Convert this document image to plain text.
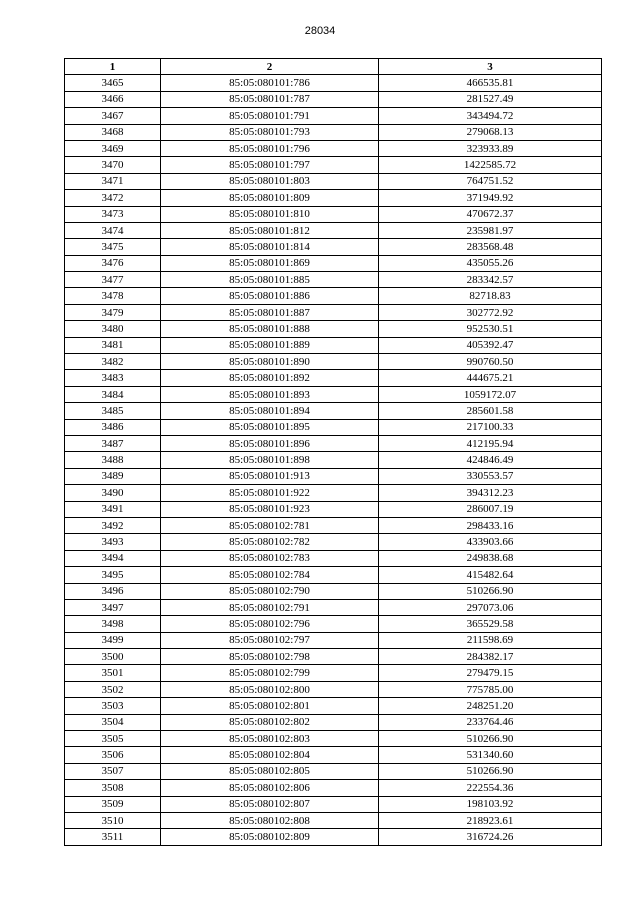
28034
1	2	3
3465	85:05:080101:786	466535.81
3466	85:05:080101:787	281527.49
3467	85:05:080101:791	343494.72
3468	85:05:080101:793	279068.13
3469	85:05:080101:796	323933.89
3470	85:05:080101:797	1422585.72
3471	85:05:080101:803	764751.52
3472	85:05:080101:809	371949.92
3473	85:05:080101:810	470672.37
3474	85:05:080101:812	235981.97
3475	85:05:080101:814	283568.48
3476	85:05:080101:869	435055.26
3477	85:05:080101:885	283342.57
3478	85:05:080101:886	82718.83
3479	85:05:080101:887	302772.92
3480	85:05:080101:888	952530.51
3481	85:05:080101:889	405392.47
3482	85:05:080101:890	990760.50
3483	85:05:080101:892	444675.21
3484	85:05:080101:893	1059172.07
3485	85:05:080101:894	285601.58
3486	85:05:080101:895	217100.33
3487	85:05:080101:896	412195.94
3488	85:05:080101:898	424846.49
3489	85:05:080101:913	330553.57
3490	85:05:080101:922	394312.23
3491	85:05:080101:923	286007.19
3492	85:05:080102:781	298433.16
3493	85:05:080102:782	433903.66
3494	85:05:080102:783	249838.68
3495	85:05:080102:784	415482.64
3496	85:05:080102:790	510266.90
3497	85:05:080102:791	297073.06
3498	85:05:080102:796	365529.58
3499	85:05:080102:797	211598.69
3500	85:05:080102:798	284382.17
3501	85:05:080102:799	279479.15
3502	85:05:080102:800	775785.00
3503	85:05:080102:801	248251.20
3504	85:05:080102:802	233764.46
3505	85:05:080102:803	510266.90
3506	85:05:080102:804	531340.60
3507	85:05:080102:805	510266.90
3508	85:05:080102:806	222554.36
3509	85:05:080102:807	198103.92
3510	85:05:080102:808	218923.61
3511	85:05:080102:809	316724.26
